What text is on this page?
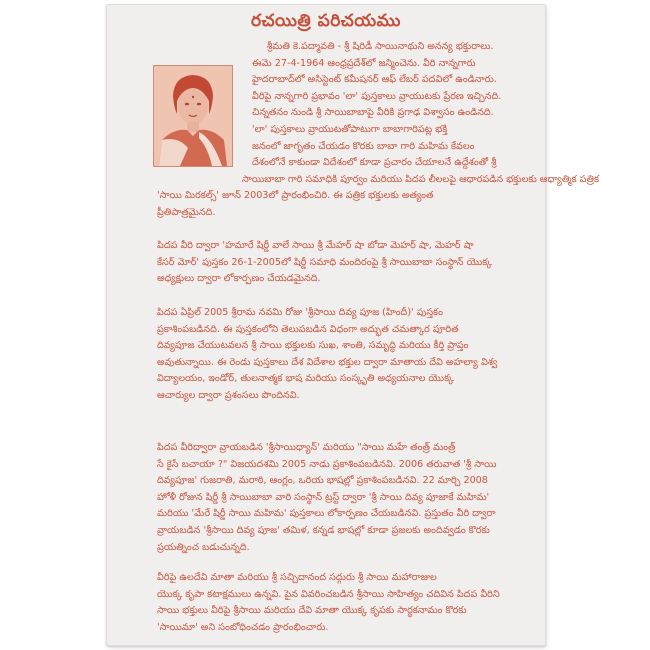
రచయిత్రి పరిచయము
శ్రీమతి కె.పద్మావతి - శ్రీ షిరిడీ సాయినాథుని అనన్య భక్తురాలు.
ఈమె 27-4-1964 ఆంధ్రప్రదేశ్‌లో జన్మించెను. వీరి నాన్నగారు
హైదరాబాద్‌లో అసిస్టెంట్ కమీషనర్ ఆఫ్ లేబర్ పదవిలో ఉండినారు.
వీరిపై నాన్నగారి ప్రభావం 'లా' పుస్తకాలు వ్రాయుటకు ప్రేరణ ఇచ్చినది.
చిన్నతనం నుండి శ్రీ సాయిబాబాపై వీరికి ప్రగాఢ విశ్వాసం ఉండినది.
'లా' పుస్తకాలు వ్రాయుటతోపాటుగా బాబాగారిపట్ల భక్తి
జనంలో జాగృతం చేయడం కొరకు బాబా గారి మహిమ కేవలం
దేశంలోనే కాకుండా విదేశంలో కూడా ప్రచారం చేయాలనే ఉద్దేశంతో శ్రీ
సాయిబాబా గారి సమాధికి పూర్వం మరియు పిదప లీలలపై ఆధారపడిన భక్తులకు ఆధ్యాత్మిక పత్రిక
'సాయి మిరకల్స్' జూన్ 2003లో ప్రారంభించిరి. ఈ పత్రిక భక్తులకు అత్యంత
ప్రీతిపాత్రమైనది.
పిదప వీరి ద్వారా 'హమారే షిర్డీ వాలే సాయి శ్రీ మేహర్ షా బోడా మెహర్ షా, మెహర్ షా
కేసర్ మోర్' పుస్తకం 26-1-2005లో షిర్డీ సమాధి మందిరంపై శ్రీ సాయిబాబా సంస్థాన్ యొక్క
అధ్యక్షులు ద్వారా లోకార్పణం చేయడమైనది.
పిదప ఏప్రిల్ 2005 శ్రీరామ నవమి రోజు 'శ్రీసాయి దివ్య పూజ (హిందీ)' పుస్తకం
ప్రకాశింపబడినది. ఈ పుస్తకంలోని తెలుపబడిన విధంగా అద్భుత చమత్కార పూరిత
దివ్యపూజ చేయుటవలన శ్రీ సాయి భక్తులకు సుఖ, శాంతి, సమృద్ధి మరియు కీర్తి ప్రాప్తం
అవుతున్నాయి. ఈ రెండు పుస్తకాలు దేశ విదేశాల భక్తుల ద్వారా మాతాయ దేవి అహల్యా విశ్వ
విద్యాలయం, ఇండోర్, తులనాత్మక భాష మరియు సంస్కృతి అధ్యయనాల యొక్క
ఆచార్యుల ద్వారా ప్రశంసలు పొందినవి.
పిదప వీరిద్వారా వ్రాయబడిన 'శ్రీసాయిధ్యాన్' మరియు "సాయి మహే తంత్ర్ మంత్ర్
సే కైసే బచాయా ?" విజయదశమి 2005 నాడు ప్రకాశింపబడినవి. 2006 తరువాత 'శ్రీ సాయి
దివ్యపూజ' గుజరాతి, మరాఠి, ఆంగ్లం, ఒరియ భాషల్లో ప్రకాశింపబడినవి. 22 మార్చి 2008
హోళీ రోజున షిర్డీ శ్రీ సాయిబాబా వారి సంస్థాన్ ట్రస్ట్ ద్వారా 'శ్రీ సాయి దివ్య పూజాకే మహిమ'
మరియు 'మేరే షిర్డీ సాయి మహిమ' పుస్తకాలు లోకార్పణం చేయబడినవి. ప్రస్తుతం వీరి ద్వారా
వ్రాయబడిన 'శ్రీసాయి దివ్య పూజ' తమిళ, కన్నడ భాషల్లో కూడా ప్రజలకు అందివ్వడం కొరకు
ప్రయత్నించ బడుచున్నది.
వీరిపై ఉలదేవి మాతా మరియు శ్రీ సచ్చిదానంద సద్గురు శ్రీ సాయి మహారాజుల
యొక్క కృపా కటాక్షములు ఉన్నవి. పైన వివరించబడిన శ్రీసాయి సాహిత్యం చదివిన పిదప వీరిని
సాయి భక్తులు వీరిపై శ్రీసాయి మరియు దేవి మాతా యొక్క కృపకు సార్థకనామం కొరకు
'సాయిమా' అని సంబోధించడం ప్రారంభించారు.
